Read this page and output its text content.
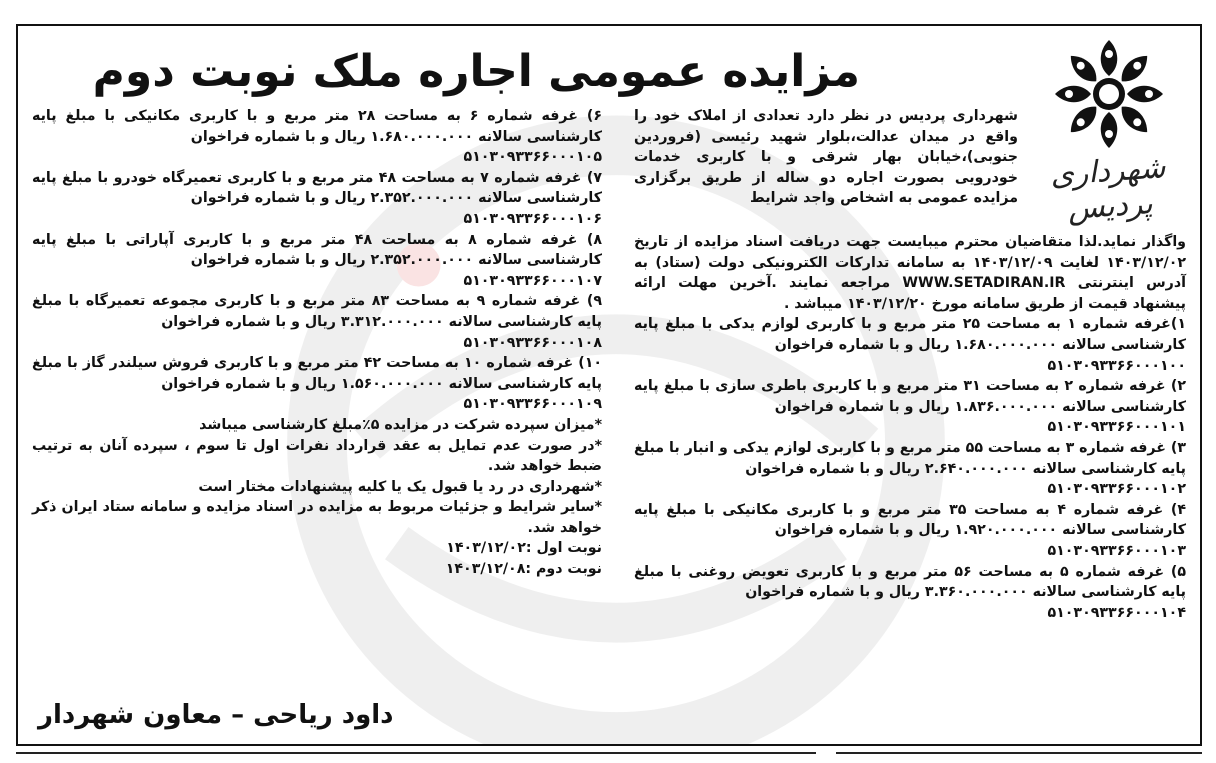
مزایده عمومی اجاره ملک نوبت دوم
شهرداری پردیس

شهرداری پردیس در نظر دارد تعدادی از املاک خود را واقع در میدان عدالت،بلوار شهید رئیسی (فروردین جنوبی)،خیابان بهار شرقی و با کاربری خدمات خودرویی بصورت اجاره دو ساله از طریق برگزاری مزایده عمومی به اشخاص واجد شرایط

واگذار نماید.لذا متقاضیان محترم میبایست جهت دریافت اسناد مزایده از تاریخ ۱۴۰۳/۱۲/۰۲ لغایت ۱۴۰۳/۱۲/۰۹ به سامانه تدارکات الکترونیکی دولت (ستاد) به آدرس اینترنتی WWW.SETADIRAN.IR مراجعه نمایند .آخرین مهلت ارائه پیشنهاد قیمت از طریق سامانه مورخ ۱۴۰۳/۱۲/۲۰ میباشد .

۱)غرفه شماره ۱ به مساحت ۲۵ متر مربع و با کاربری لوازم یدکی با مبلغ پایه کارشناسی سالانه ۱.۶۸۰.۰۰۰.۰۰۰ ریال و با شماره فراخوان

۵۱۰۳۰۹۳۳۶۶۰۰۰۱۰۰

۲) غرفه شماره ۲ به مساحت ۳۱ متر مربع و با کاربری باطری سازی با مبلغ پایه کارشناسی سالانه ۱.۸۳۶.۰۰۰.۰۰۰ ریال و با شماره فراخوان

۵۱۰۳۰۹۳۳۶۶۰۰۰۱۰۱

۳) غرفه شماره ۳ به مساحت ۵۵ متر مربع و با کاربری لوازم یدکی و انبار با مبلغ پایه کارشناسی سالانه ۲.۶۴۰.۰۰۰.۰۰۰ ریال و با شماره فراخوان

۵۱۰۳۰۹۳۳۶۶۰۰۰۱۰۲

۴) غرفه شماره ۴ به مساحت ۳۵ متر مربع و با کاربری مکانیکی با مبلغ پایه کارشناسی سالانه ۱.۹۲۰.۰۰۰.۰۰۰ ریال و با شماره فراخوان

۵۱۰۳۰۹۳۳۶۶۰۰۰۱۰۳

۵) غرفه شماره ۵ به مساحت ۵۶ متر مربع و با کاربری تعویض روغنی با مبلغ پایه کارشناسی سالانه ۳.۳۶۰.۰۰۰.۰۰۰ ریال و با شماره فراخوان

۵۱۰۳۰۹۳۳۶۶۰۰۰۱۰۴

۶) غرفه شماره ۶ به مساحت ۲۸ متر مربع و با کاربری مکانیکی با مبلغ پایه کارشناسی سالانه ۱.۶۸۰.۰۰۰.۰۰۰ ریال و با شماره فراخوان

۵۱۰۳۰۹۳۳۶۶۰۰۰۱۰۵

۷) غرفه شماره ۷ به مساحت ۴۸ متر مربع و با کاربری تعمیرگاه خودرو با مبلغ پایه کارشناسی سالانه ۲.۳۵۲.۰۰۰.۰۰۰ ریال و با شماره فراخوان

۵۱۰۳۰۹۳۳۶۶۰۰۰۱۰۶

۸) غرفه شماره ۸ به مساحت ۴۸ متر مربع و با کاربری آپاراتی با مبلغ پایه کارشناسی سالانه ۲.۳۵۲.۰۰۰.۰۰۰ ریال و با شماره فراخوان

۵۱۰۳۰۹۳۳۶۶۰۰۰۱۰۷

۹) غرفه شماره ۹ به مساحت ۸۳ متر مربع و با کاربری مجموعه تعمیرگاه با مبلغ پایه کارشناسی سالانه ۳.۳۱۲.۰۰۰.۰۰۰ ریال و با شماره فراخوان

۵۱۰۳۰۹۳۳۶۶۰۰۰۱۰۸

۱۰) غرفه شماره ۱۰ به مساحت ۴۲ متر مربع و با کاربری فروش سیلندر گاز با مبلغ پایه کارشناسی سالانه ۱.۵۶۰.۰۰۰.۰۰۰ ریال و با شماره فراخوان

۵۱۰۳۰۹۳۳۶۶۰۰۰۱۰۹

*میزان سپرده شرکت در مزایده ۵٪مبلغ کارشناسی میباشد

*در صورت عدم تمایل به عقد قرارداد نفرات اول تا سوم ، سپرده آنان به ترتیب ضبط خواهد شد.

*شهرداری در رد یا قبول یک یا کلیه پیشنهادات مختار است

*سایر شرایط و جزئیات مربوط به مزایده در اسناد مزایده و سامانه ستاد ایران ذکر خواهد شد.

نوبت اول :۱۴۰۳/۱۲/۰۲

نوبت دوم :۱۴۰۳/۱۲/۰۸

داود ریاحی – معاون شهردار
